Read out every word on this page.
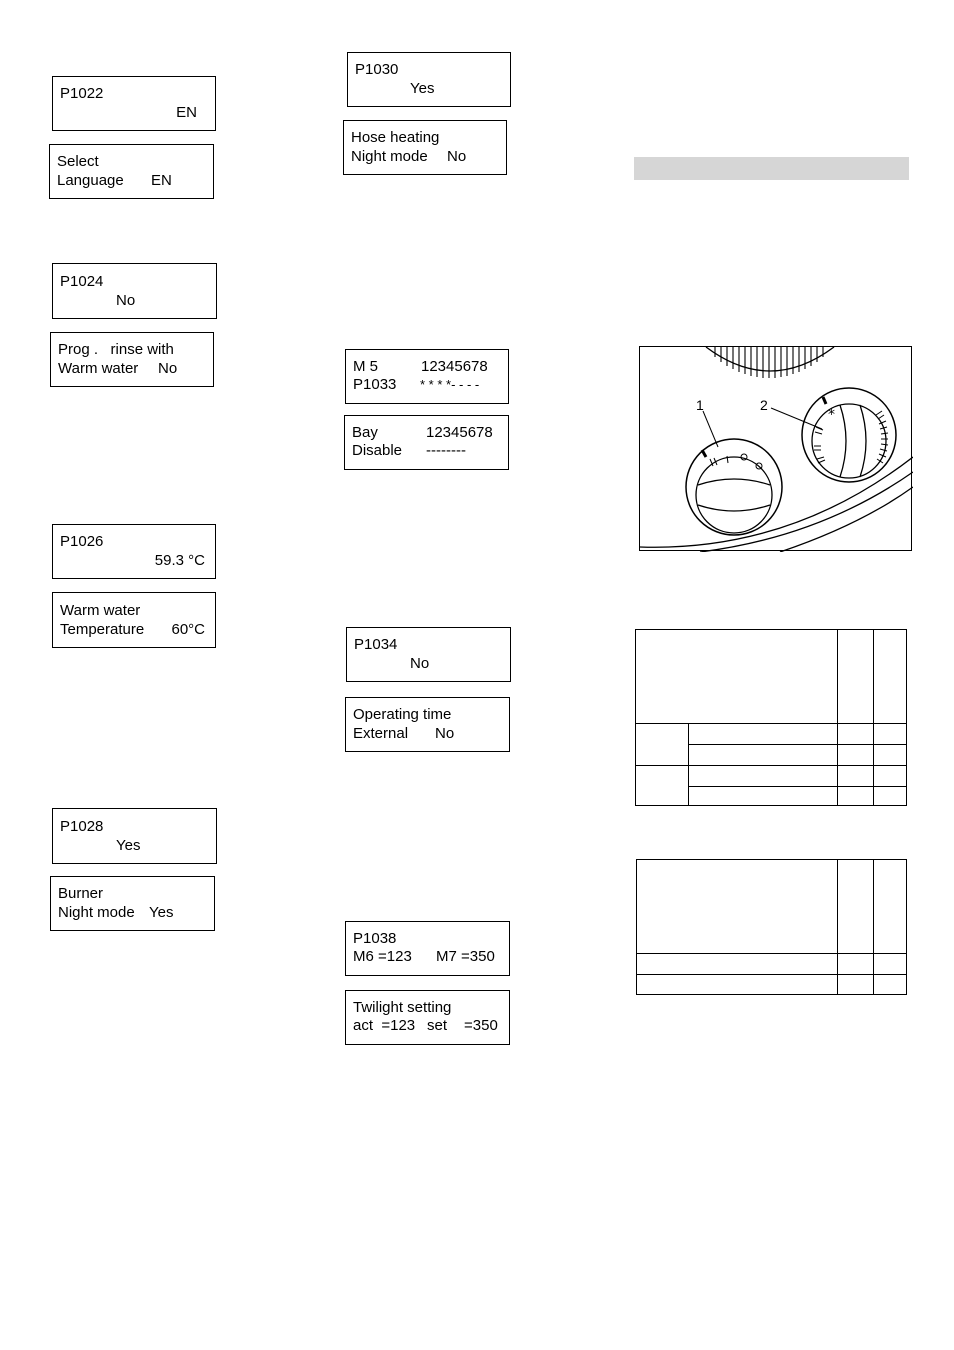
P1022
EN
Select
Language EN
P1024
No
Prog .   rinse with
Warm water No
P1026
59.3 °C
Warm water
Temperature 60°C
P1028
Yes
Burner
Night mode Yes
P1030
Yes
Hose heating
Night mode No
M 5	12345678
P1033 * * * *- - - -
Bay	12345678
Disable --------
P1034
No
Operating time
External No
P1038
M6 =123 M7 =350
Twilight setting
act  =123 set =350
*
1	2
